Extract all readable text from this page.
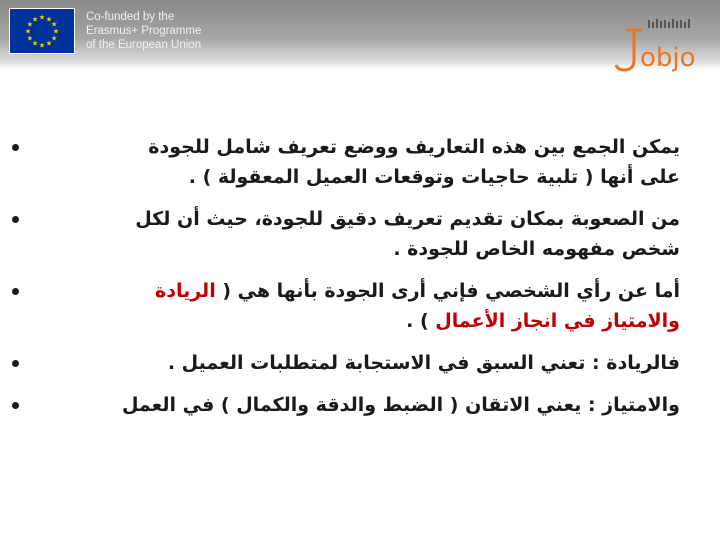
★ ★
★
★
★
★
★
★
★
★
★
★	Co-funded by the
Erasmus+ Programme
of the European Union	objo
يمكن الجمع بين هذه التعاريف ووضع تعريف شامل للجودة
على أنها ( تلبية حاجيات وتوقعات العميل المعقولة ) .
من الصعوبة بمكان تقديم تعريف دقيق للجودة، حيث أن لكل
شخص مفهومه الخاص للجودة .
أما عن رأي الشخصي فإني أرى الجودة بأنها هي ( الريادة
والامتياز في انجاز الأعمال ) .
فالريادة : تعني السبق في الاستجابة لمتطلبات العميل .
والامتياز : يعني الاتقان ( الضبط والدقة والكمال ) في العمل
